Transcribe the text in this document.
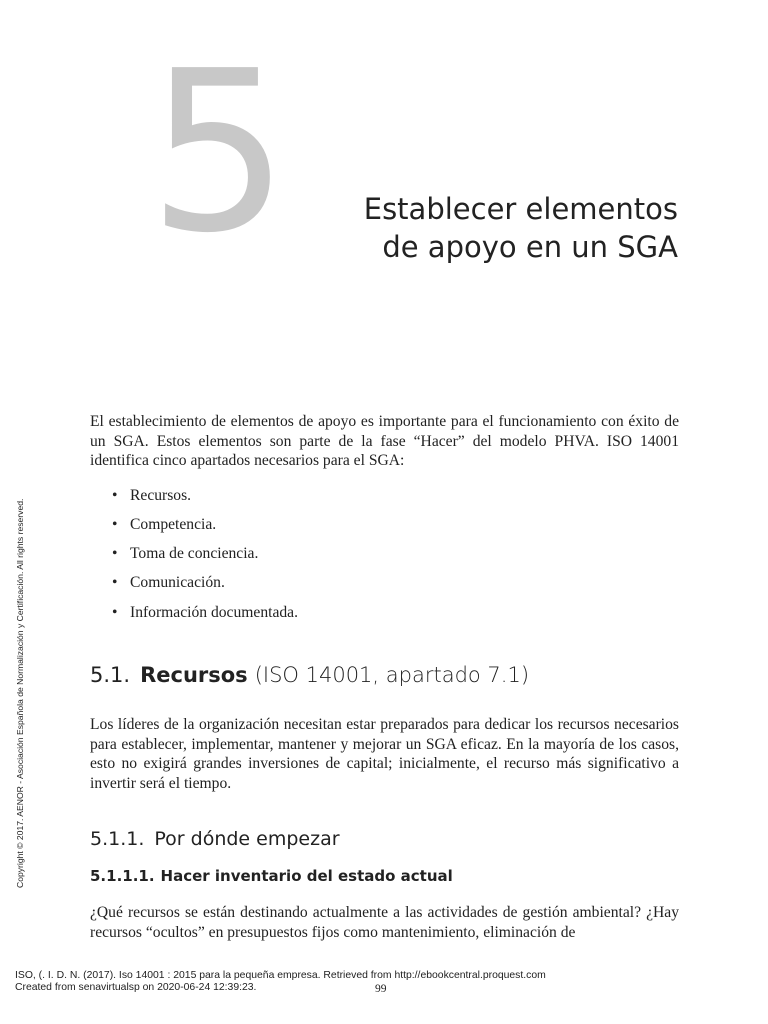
5	Establecer elementos
de apoyo en un SGA
Copyright © 2017. AENOR - Asociación Española de Normalización y Certificación. All rights reserved.

El establecimiento de elementos de apoyo es importante para el funcionamiento con éxito de un SGA. Estos elementos son parte de la fase “Hacer” del modelo PHVA. ISO 14001 identifica cinco apartados necesarios para el SGA:

• Recursos.
• Competencia.
• Toma de conciencia.
• Comunicación.
• Información documentada.
5.1. Recursos (ISO 14001, apartado 7.1)

Los líderes de la organización necesitan estar preparados para dedicar los recursos necesarios para establecer, implementar, mantener y mejorar un SGA eficaz. En la mayoría de los casos, esto no exigirá grandes inversiones de capital; inicialmente, el recurso más significativo a invertir será el tiempo.

5.1.1. Por dónde empezar
5.1.1.1. Hacer inventario del estado actual

¿Qué recursos se están destinando actualmente a las actividades de gestión ambiental? ¿Hay recursos “ocultos” en presupuestos fijos como mantenimiento, eliminación de

ISO, (. I. D. N. (2017). Iso 14001 : 2015 para la pequeña empresa. Retrieved from http://ebookcentral.proquest.com
Created from senavirtualsp on 2020-06-24 12:39:23.	99
